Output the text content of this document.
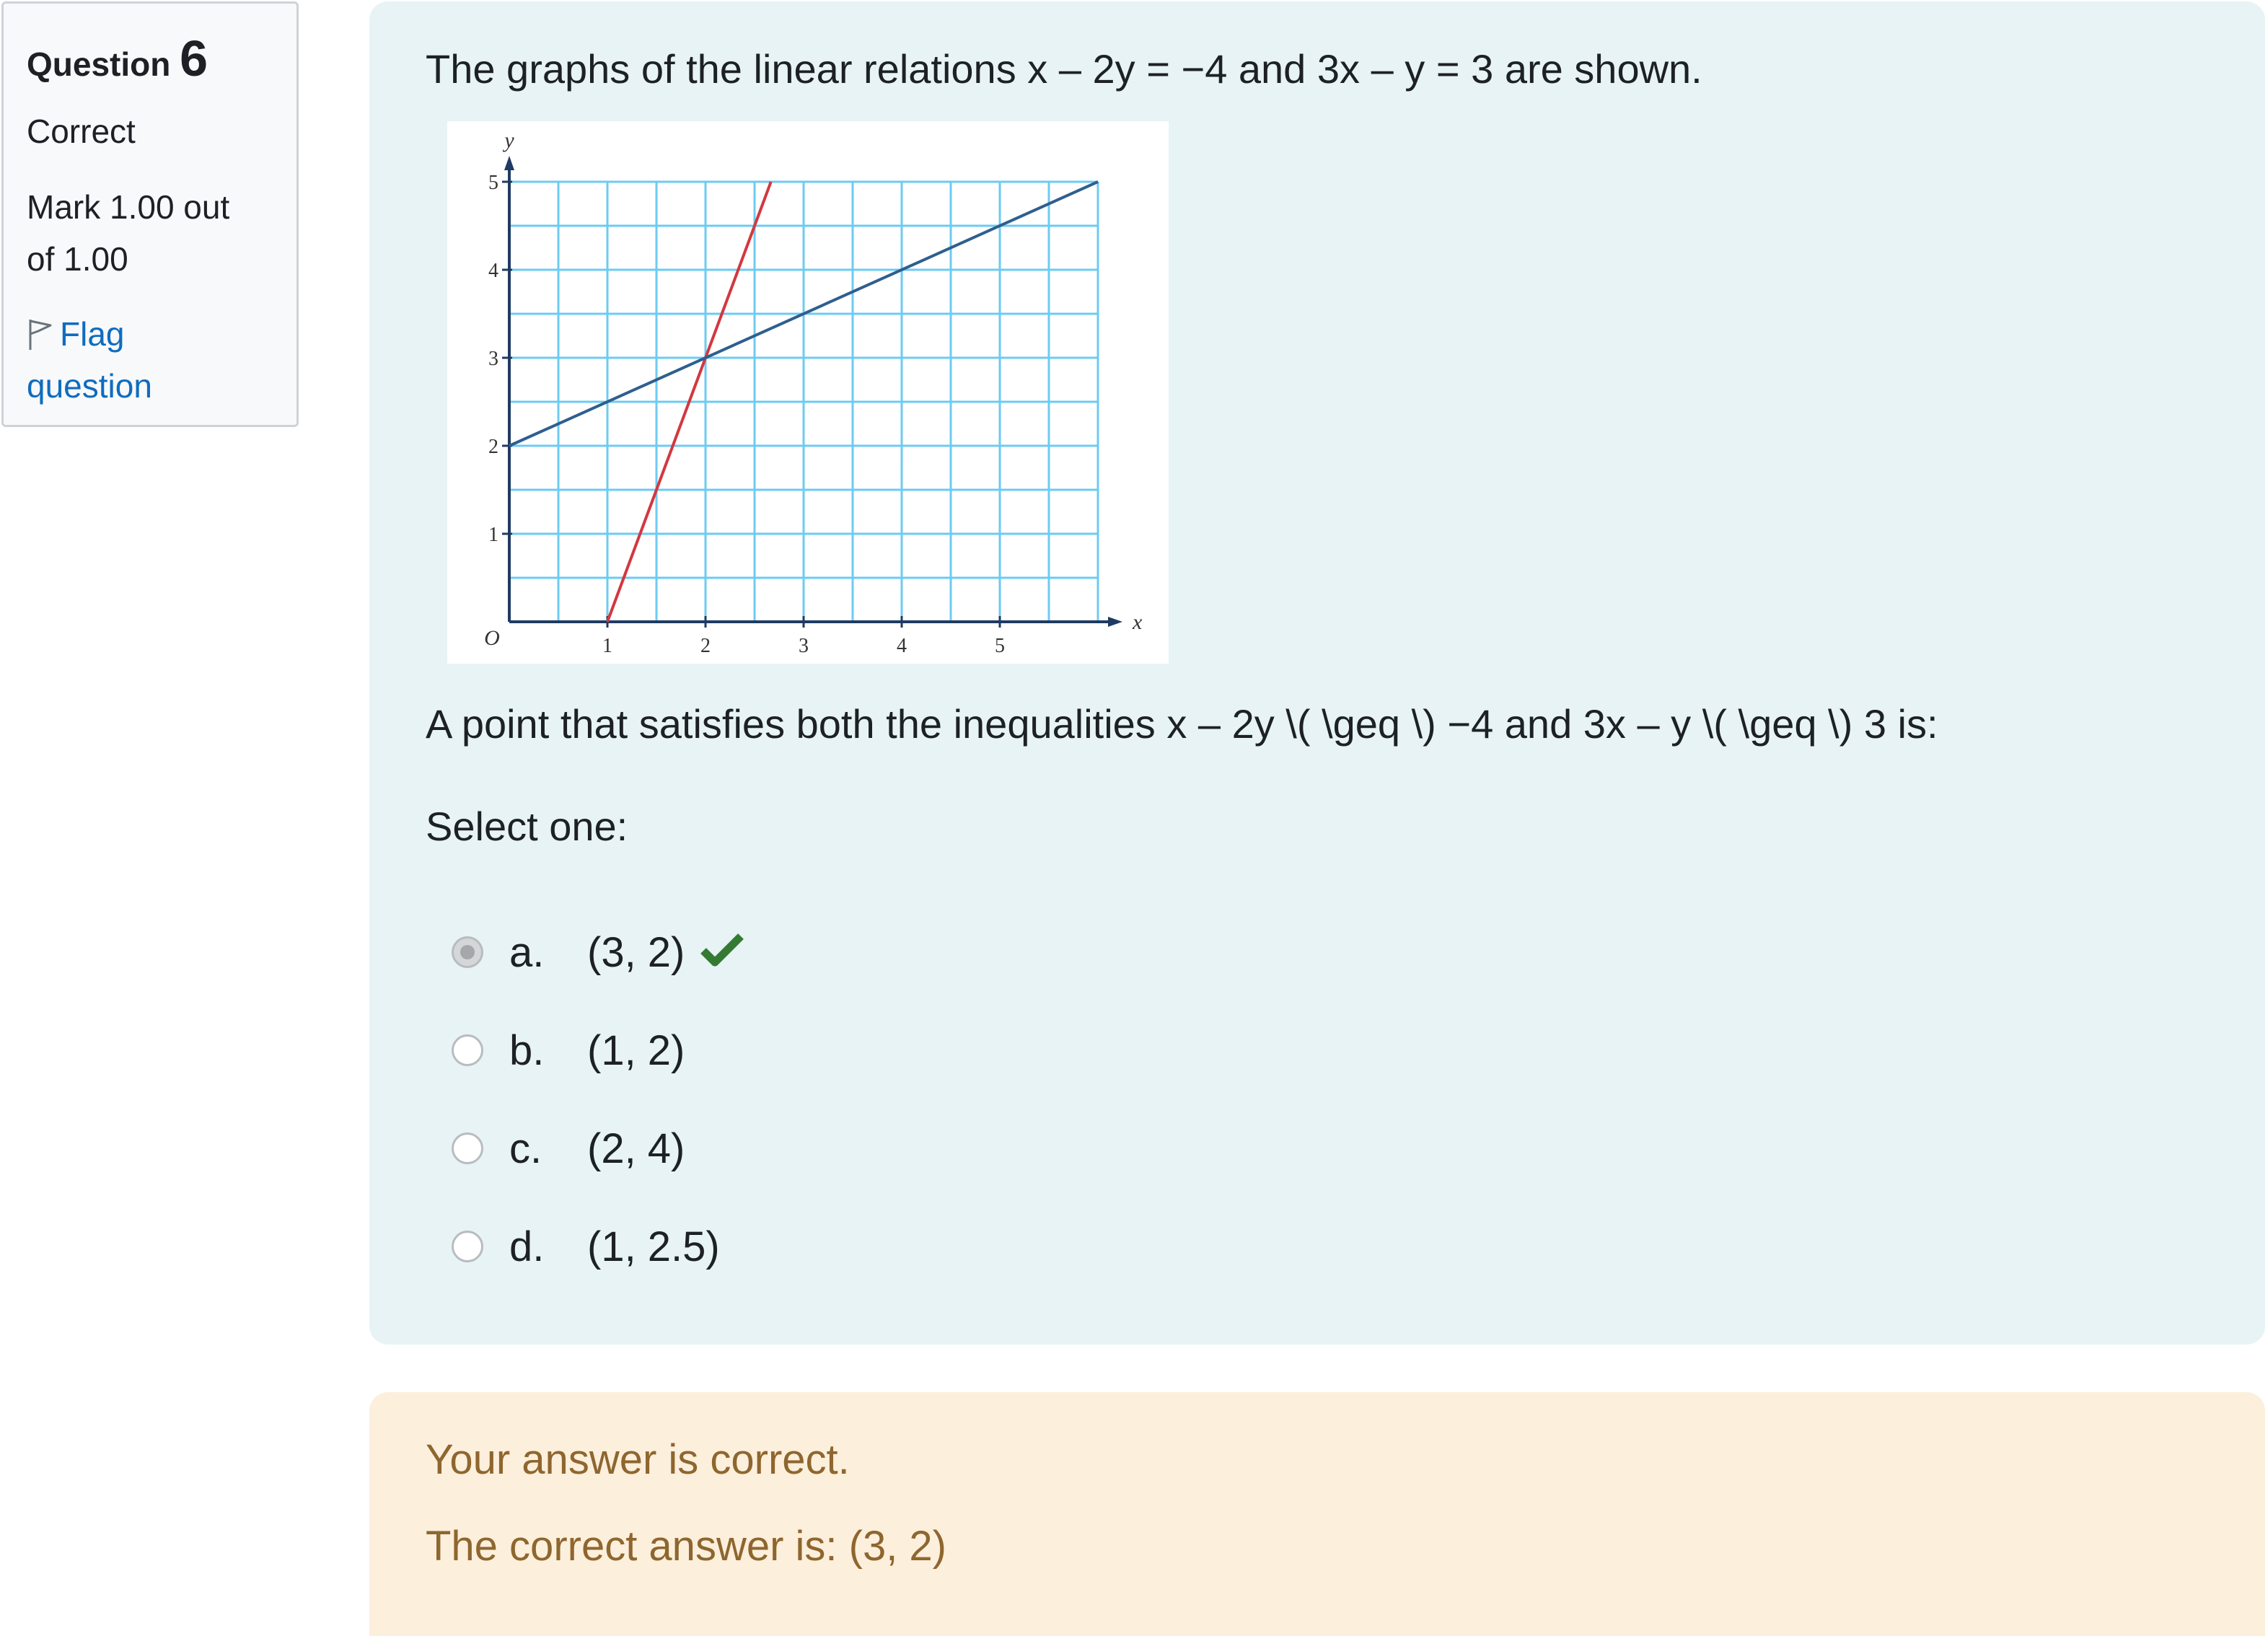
Question 6
Correct
Mark 1.00 out
of 1.00
Flag
question
The graphs of the linear relations x – 2y = −4 and 3x – y = 3 are shown.
1	2	3	4	5
1
2
3
4
5
x
y
O
A point that satisfies both the inequalities x – 2y \( \geq \) −4 and 3x – y \( \geq \) 3 is:
Select one:
a.	(3, 2)
b.	(1, 2)
c.	(2, 4)
d.	(1, 2.5)
Your answer is correct.
The correct answer is: (3, 2)
